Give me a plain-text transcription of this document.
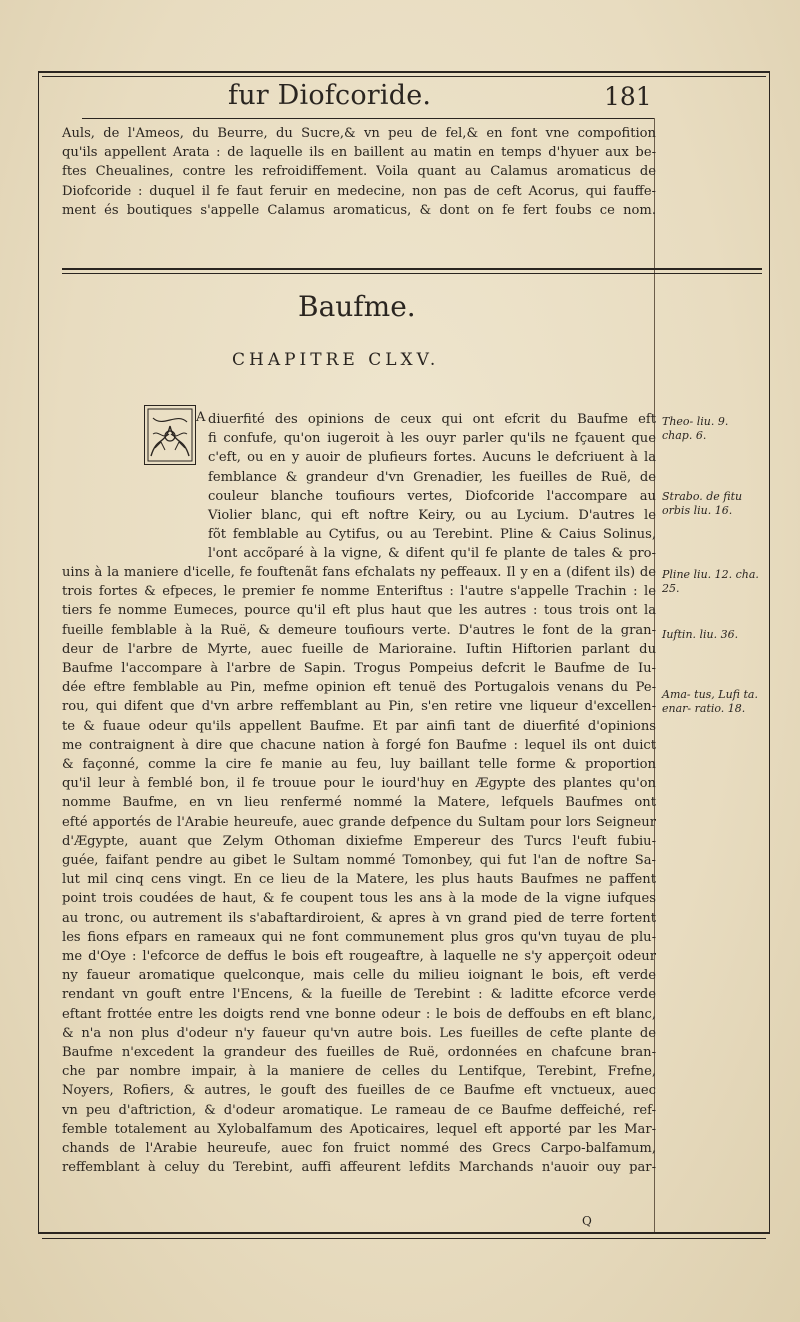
fur Diofcoride.	181
Auls, de l'Ameos, du Beurre, du Sucre,& vn peu de fel,& en font vne compofition
qu'ils appellent Arata : de laquelle ils en baillent au matin en temps d'hyuer aux be-
ftes Cheualines, contre les refroidiffement. Voila quant au Calamus aromaticus de
Diofcoride : duquel il fe faut feruir en medecine, non pas de ceft Acorus, qui fauffe-
ment és boutiques s'appelle Calamus aromaticus, & dont on fe fert foubs ce nom.
Baufme.
CHAPITRE CLXV.
A diuerfité des opinions de ceux qui ont efcrit du Baufme eft
fi confufe, qu'on iugeroit à les ouyr parler qu'ils ne fçauent que
c'eft, ou en y auoir de plufieurs fortes. Aucuns le defcriuent à la
femblance & grandeur d'vn Grenadier, les fueilles de Ruë, de
couleur blanche toufiours vertes, Diofcoride l'accompare au
Violier blanc, qui eft noftre Keiry, ou au Lycium. D'autres le
fõt femblable au Cytifus, ou au Terebint. Pline & Caius Solinus,
l'ont accõparé à la vigne, & difent qu'il fe plante de tales & pro-
uins à la maniere d'icelle, fe fouftenãt fans efchalats ny peffeaux. Il y en a (difent ils) de
trois fortes & efpeces, le premier fe nomme Enteriftus : l'autre s'appelle Trachin : le
tiers fe nomme Eumeces, pource qu'il eft plus haut que les autres : tous trois ont la
fueille femblable à la Ruë, & demeure toufiours verte. D'autres le font de la gran-
deur de l'arbre de Myrte, auec fueille de Marioraine. Iuftin Hiftorien parlant du
Baufme l'accompare à l'arbre de Sapin. Trogus Pompeius defcrit le Baufme de Iu-
dée eftre femblable au Pin, mefme opinion eft tenuë des Portugalois venans du Pe-
rou, qui difent que d'vn arbre reffemblant au Pin, s'en retire vne liqueur d'excellen-
te & fuaue odeur qu'ils appellent Baufme. Et par ainfi tant de diuerfité d'opinions
me contraignent à dire que chacune nation à forgé fon Baufme : lequel ils ont duict
& façonné, comme la cire fe manie au feu, luy baillant telle forme & proportion
qu'il leur à femblé bon, il fe trouue pour le iourd'huy en Ægypte des plantes qu'on
nomme Baufme, en vn lieu renfermé nommé la Matere, lefquels Baufmes ont
efté apportés de l'Arabie heureufe, auec grande defpence du Sultam pour lors Seigneur
d'Ægypte, auant que Zelym Othoman dixiefme Empereur des Turcs l'euft fubiu-
guée, faifant pendre au gibet le Sultam nommé Tomonbey, qui fut l'an de noftre Sa-
lut mil cinq cens vingt. En ce lieu de la Matere, les plus hauts Baufmes ne paffent
point trois coudées de haut, & fe coupent tous les ans à la mode de la vigne iufques
au tronc, ou autrement ils s'abaftardiroient, & apres à vn grand pied de terre fortent
les fions efpars en rameaux qui ne font communement plus gros qu'vn tuyau de plu-
me d'Oye : l'efcorce de deffus le bois eft rougeaftre, à laquelle ne s'y apperçoit odeur
ny faueur aromatique quelconque, mais celle du milieu ioignant le bois, eft verde
rendant vn gouft entre l'Encens, & la fueille de Terebint : & laditte efcorce verde
eftant frottée entre les doigts rend vne bonne odeur : le bois de deffoubs en eft blanc,
& n'a non plus d'odeur n'y faueur qu'vn autre bois. Les fueilles de cefte plante de
Baufme n'excedent la grandeur des fueilles de Ruë, ordonnées en chafcune bran-
che par nombre impair, à la maniere de celles du Lentifque, Terebint, Frefne,
Noyers, Rofiers, & autres, le gouft des fueilles de ce Baufme eft vnctueux, auec
vn peu d'aftriction, & d'odeur aromatique. Le rameau de ce Baufme deffeiché, ref-
femble totalement au Xylobalfamum des Apoticaires, lequel eft apporté par les Mar-
chands de l'Arabie heureufe, auec fon fruict nommé des Grecs Carpo-balfamum,
reffemblant à celuy du Terebint, auffi affeurent lefdits Marchands n'auoir ouy par-
Theo- liu. 9. chap. 6.
Strabo. de fitu orbis liu. 16.
Pline liu. 12. cha. 25.
Iuftin. liu. 36.
Ama- tus, Lufi ta. enar- ratio. 18.
Q
